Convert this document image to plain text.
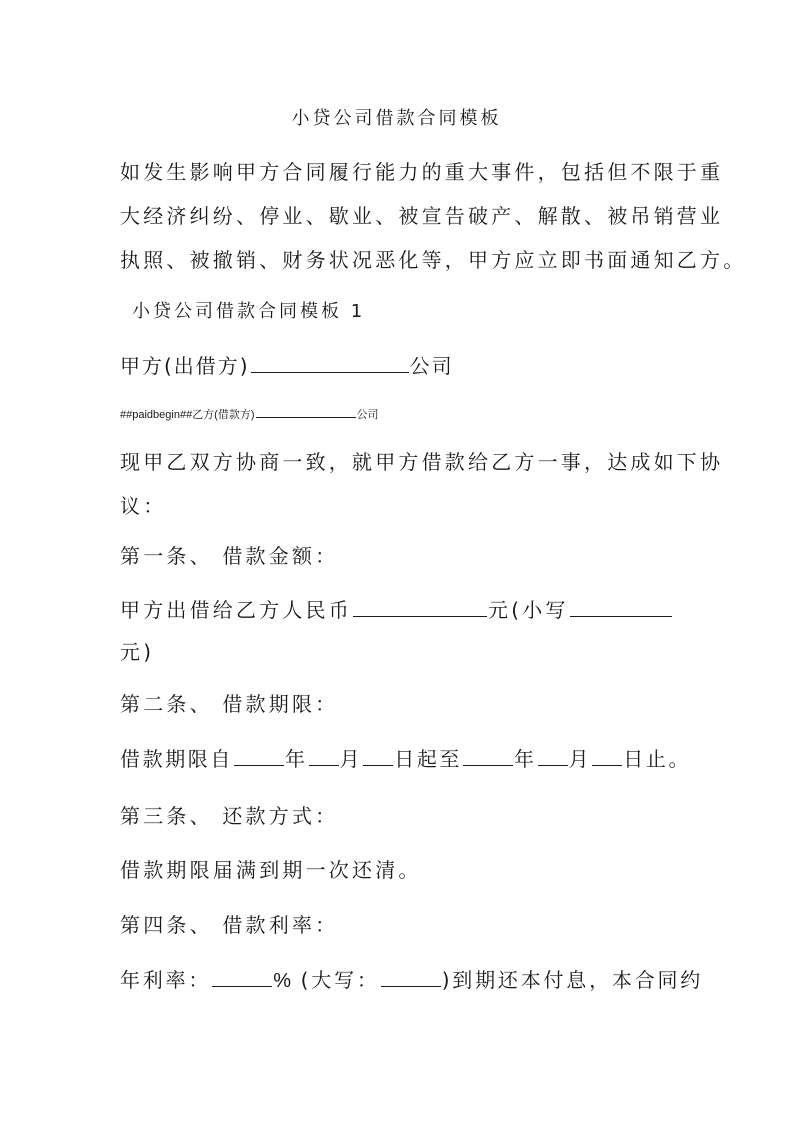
小贷公司借款合同模板
如发生影响甲方合同履行能力的重大事件，包括但不限于重
大经济纠纷、停业、歇业、被宣告破产、解散、被吊销营业
执照、被撤销、财务状况恶化等，甲方应立即书面通知乙方。
小贷公司借款合同模板 1
甲方(出借方)	公司
##paidbegin##乙方(借款方)	公司
现甲乙双方协商一致，就甲方借款给乙方一事，达成如下协
议：
第一条、 借款金额：
甲方出借给乙方人民币	元(小写
元)
第二条、 借款期限：
借款期限自	年 月 日起至	年 月 日止。
第三条、 还款方式：
借款期限届满到期一次还清。
第四条、 借款利率：
年利率：	% (大写：	)到期还本付息，本合同约
